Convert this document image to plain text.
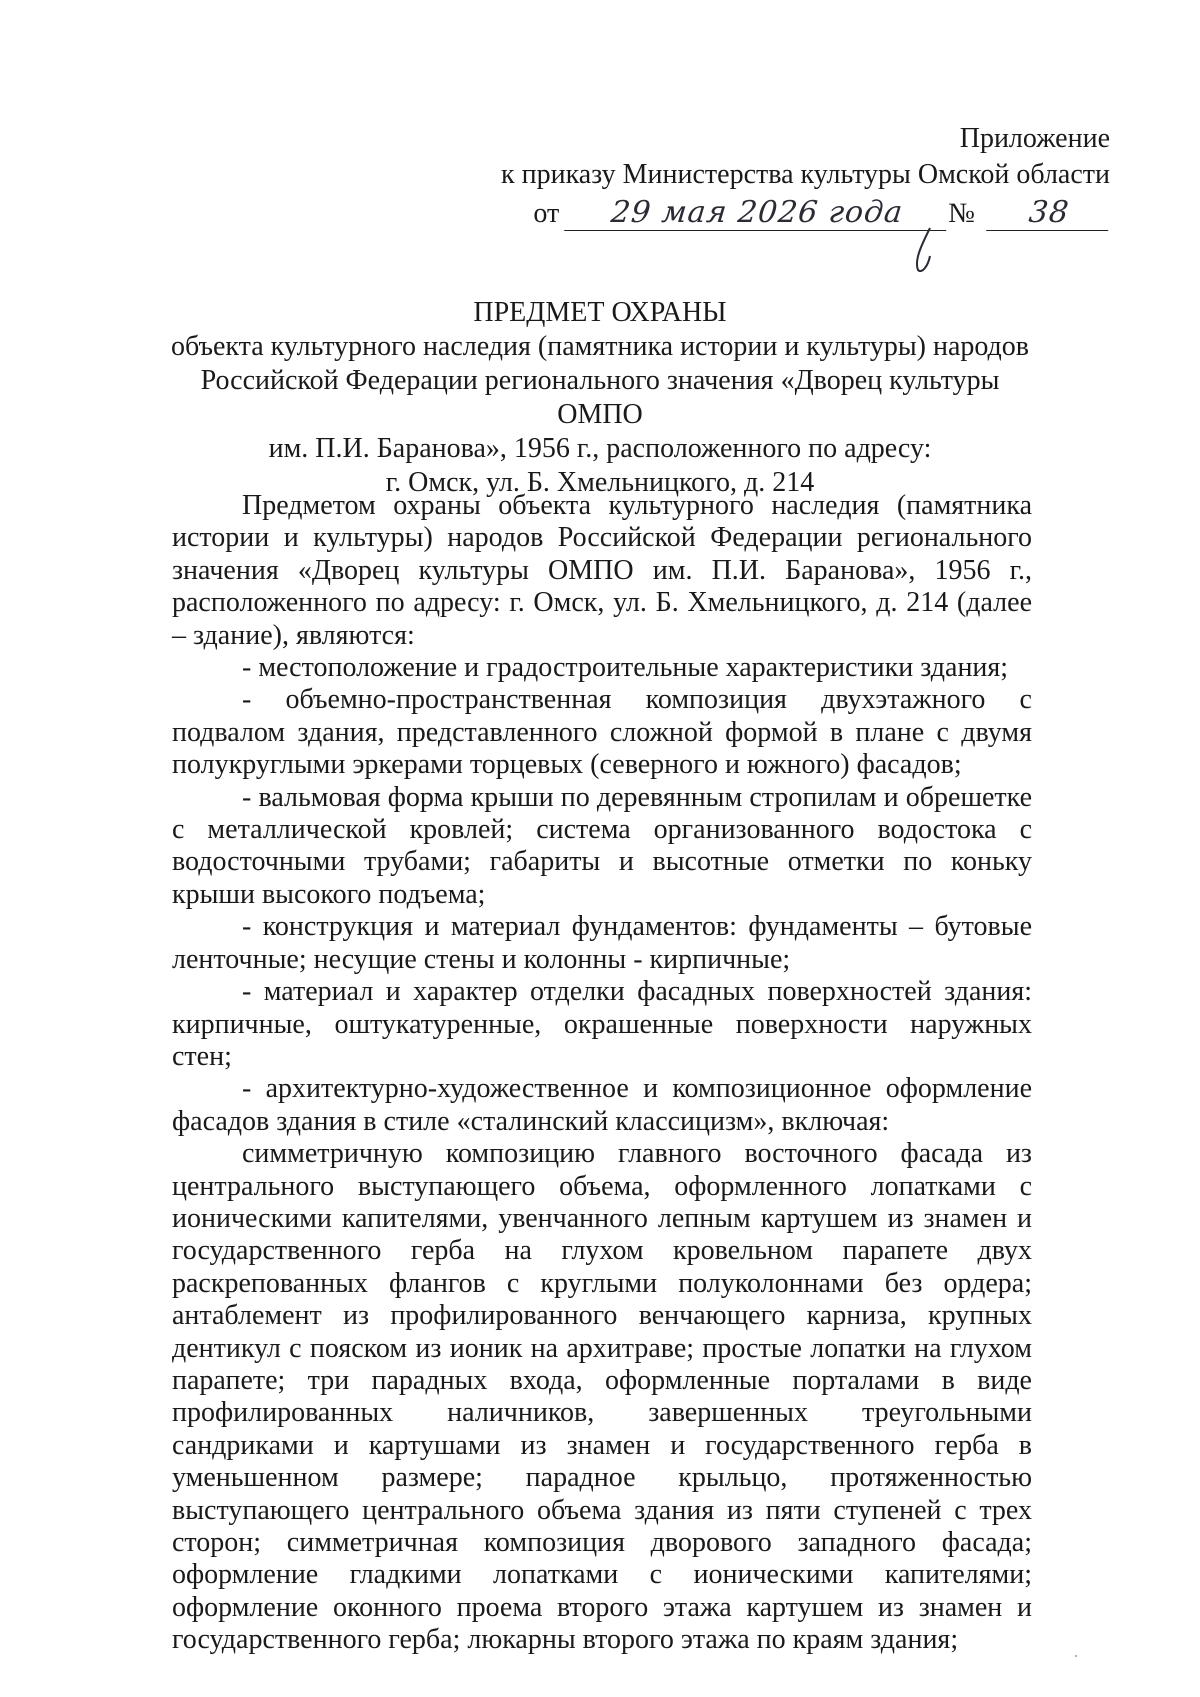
Приложение
к приказу Министерства культуры Омской области
от 29 мая 2026 года № 38
ПРЕДМЕТ ОХРАНЫ
объекта культурного наследия (памятника истории и культуры) народов
Российской Федерации регионального значения «Дворец культуры ОМПО
им. П.И. Баранова», 1956 г., расположенного по адресу:
г. Омск, ул. Б. Хмельницкого, д. 214

Предметом охраны объекта культурного наследия (памятника истории и культуры) народов Российской Федерации регионального значения «Дворец культуры ОМПО им. П.И. Баранова», 1956 г., расположенного по адресу: г. Омск, ул. Б. Хмельницкого, д. 214 (далее – здание), являются:

- местоположение и градостроительные характеристики здания;

- объемно-пространственная композиция двухэтажного с подвалом здания, представленного сложной формой в плане с двумя полукруглыми эркерами торцевых (северного и южного) фасадов;

- вальмовая форма крыши по деревянным стропилам и обрешетке с металлической кровлей; система организованного водостока с водосточными трубами; габариты и высотные отметки по коньку крыши высокого подъема;

- конструкция и материал фундаментов: фундаменты – бутовые ленточные; несущие стены и колонны - кирпичные;

- материал и характер отделки фасадных поверхностей здания: кирпичные, оштукатуренные, окрашенные поверхности наружных стен;

- архитектурно-художественное и композиционное оформление фасадов здания в стиле «сталинский классицизм», включая:

симметричную композицию главного восточного фасада из центрального выступающего объема, оформленного лопатками с ионическими капителями, увенчанного лепным картушем из знамен и государственного герба на глухом кровельном парапете двух раскрепованных флангов с круглыми полуколоннами без ордера; антаблемент из профилированного венчающего карниза, крупных дентикул с пояском из ионик на архитраве; простые лопатки на глухом парапете; три парадных входа, оформленные порталами в виде профилированных наличников, завершенных треугольными сандриками и картушами из знамен и государственного герба в уменьшенном размере; парадное крыльцо, протяженностью выступающего центрального объема здания из пяти ступеней с трех сторон; симметричная композиция дворового западного фасада; оформление гладкими лопатками с ионическими капителями; оформление оконного проема второго этажа картушем из знамен и государственного герба; люкарны второго этажа по краям здания;
